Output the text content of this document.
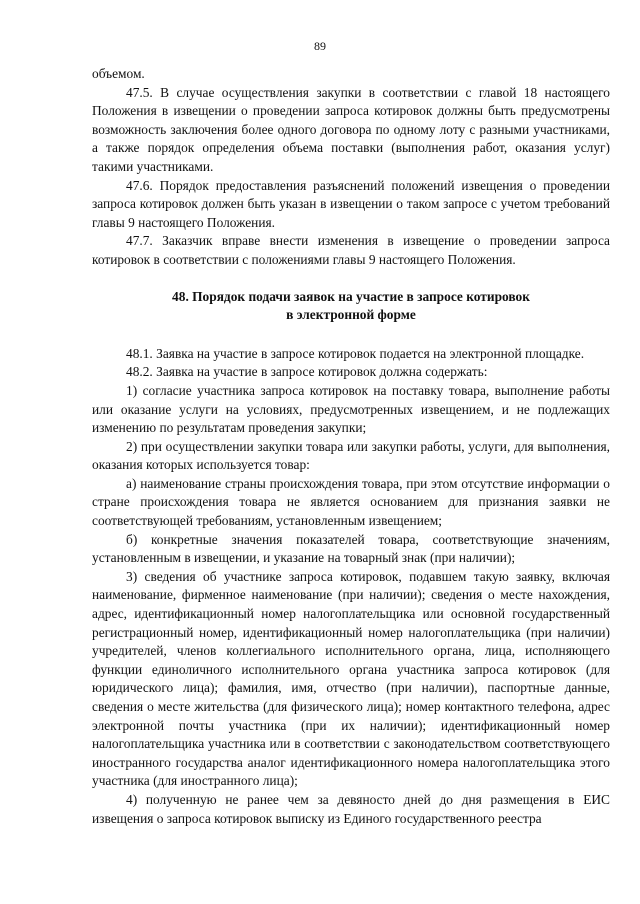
89

объемом.

47.5. В случае осуществления закупки в соответствии с главой 18 настоящего Положения в извещении о проведении запроса котировок должны быть предусмотрены возможность заключения более одного договора по одному лоту с разными участниками, а также порядок определения объема поставки (выполнения работ, оказания услуг) такими участниками.

47.6. Порядок предоставления разъяснений положений извещения о проведении запроса котировок должен быть указан в извещении о таком запросе с учетом требований главы 9 настоящего Положения.

47.7. Заказчик вправе внести изменения в извещение о проведении запроса котировок в соответствии с положениями главы 9 настоящего Положения.

48. Порядок подачи заявок на участие в запросе котировок
в электронной форме

48.1. Заявка на участие в запросе котировок подается на электронной площадке.

48.2. Заявка на участие в запросе котировок должна содержать:

1) согласие участника запроса котировок на поставку товара, выполнение работы или оказание услуги на условиях, предусмотренных извещением, и не подлежащих изменению по результатам проведения закупки;

2) при осуществлении закупки товара или закупки работы, услуги, для выполнения, оказания которых используется товар:

а) наименование страны происхождения товара, при этом отсутствие информации о стране происхождения товара не является основанием для признания заявки не соответствующей требованиям, установленным извещением;

б) конкретные значения показателей товара, соответствующие значениям, установленным в извещении, и указание на товарный знак (при наличии);

3) сведения об участнике запроса котировок, подавшем такую заявку, включая наименование, фирменное наименование (при наличии); сведения о месте нахождения, адрес, идентификационный номер налогоплательщика или основной государственный регистрационный номер, идентификационный номер налогоплательщика (при наличии) учредителей, членов коллегиального исполнительного органа, лица, исполняющего функции единоличного исполнительного органа участника запроса котировок (для юридического лица); фамилия, имя, отчество (при наличии), паспортные данные, сведения о месте жительства (для физического лица); номер контактного телефона, адрес электронной почты участника (при их наличии); идентификационный номер налогоплательщика участника или в соответствии с законодательством соответствующего иностранного государства аналог идентификационного номера налогоплательщика этого участника (для иностранного лица);

4) полученную не ранее чем за девяносто дней до дня размещения в ЕИС извещения о запроса котировок выписку из Единого государственного реестра
